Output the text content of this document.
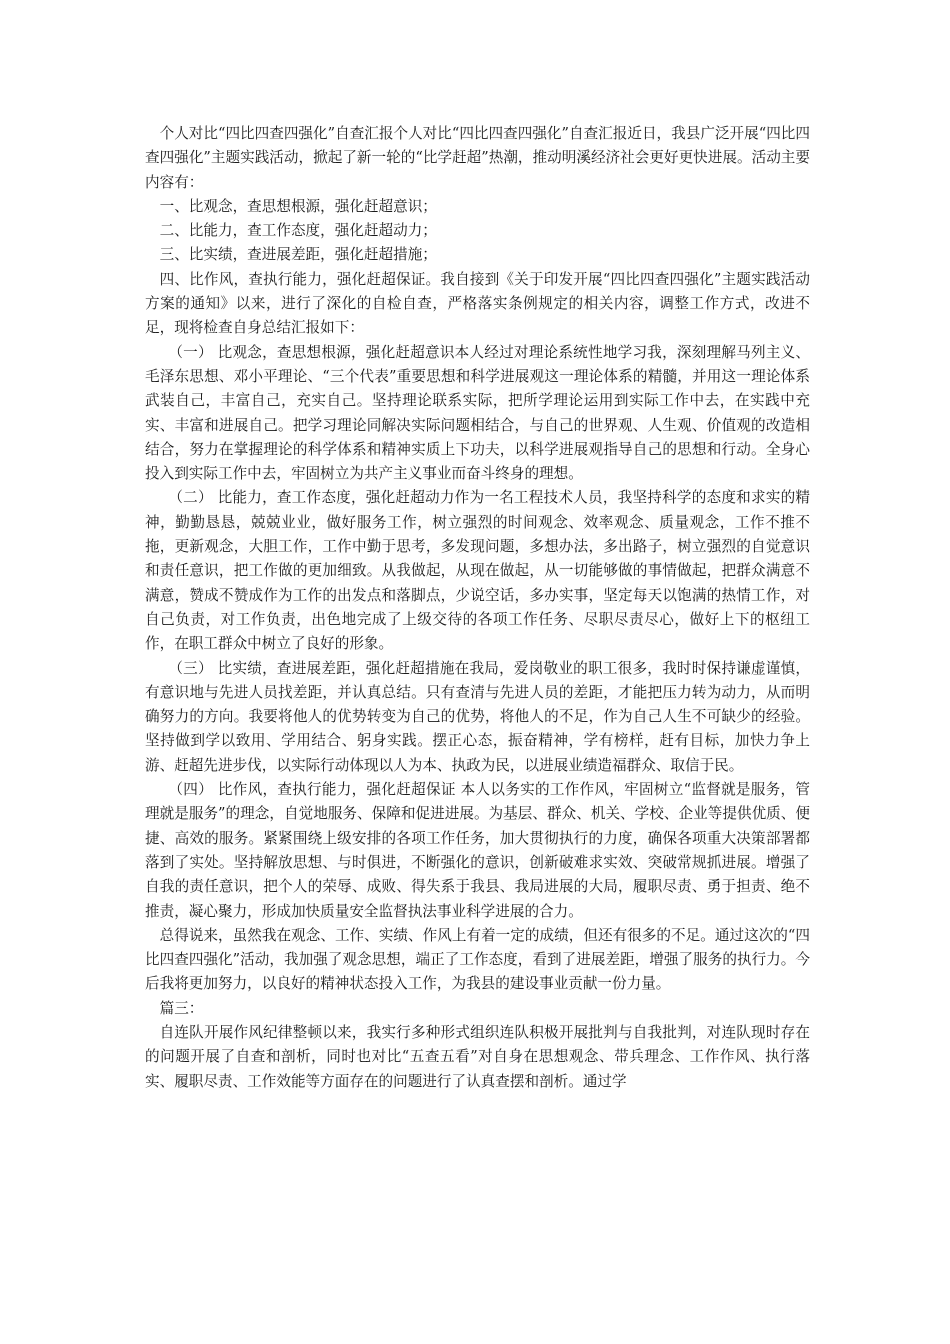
个人对比“四比四查四强化”自查汇报个人对比“四比四查四强化”自查汇报近日，我县广泛开展“四比四查四强化”主题实践活动，掀起了新一轮的“比学赶超”热潮，推动明溪经济社会更好更快进展。活动主要内容有：

一、比观念，查思想根源，强化赶超意识；

二、比能力，查工作态度，强化赶超动力；

三、比实绩，查进展差距，强化赶超措施；

四、比作风，查执行能力，强化赶超保证。我自接到《关于印发开展“四比四查四强化”主题实践活动方案的通知》以来，进行了深化的自检自查，严格落实条例规定的相关内容，调整工作方式，改进不足，现将检查自身总结汇报如下：

（一） 比观念，查思想根源，强化赶超意识本人经过对理论系统性地学习我，深刻理解马列主义、毛泽东思想、邓小平理论、“三个代表”重要思想和科学进展观这一理论体系的精髓，并用这一理论体系武装自己，丰富自己，充实自己。坚持理论联系实际，把所学理论运用到实际工作中去，在实践中充实、丰富和进展自己。把学习理论同解决实际问题相结合，与自己的世界观、人生观、价值观的改造相结合，努力在掌握理论的科学体系和精神实质上下功夫，以科学进展观指导自己的思想和行动。全身心投入到实际工作中去，牢固树立为共产主义事业而奋斗终身的理想。

（二） 比能力，查工作态度，强化赶超动力作为一名工程技术人员，我坚持科学的态度和求实的精神，勤勤恳恳，兢兢业业，做好服务工作，树立强烈的时间观念、效率观念、质量观念，工作不推不拖，更新观念，大胆工作，工作中勤于思考，多发现问题，多想办法，多出路子，树立强烈的自觉意识和责任意识，把工作做的更加细致。从我做起，从现在做起，从一切能够做的事情做起，把群众满意不满意，赞成不赞成作为工作的出发点和落脚点，少说空话，多办实事，坚定每天以饱满的热情工作，对自己负责，对工作负责，出色地完成了上级交待的各项工作任务、尽职尽责尽心，做好上下的枢纽工作，在职工群众中树立了良好的形象。

（三） 比实绩，查进展差距，强化赶超措施在我局，爱岗敬业的职工很多，我时时保持谦虚谨慎，有意识地与先进人员找差距，并认真总结。只有查清与先进人员的差距，才能把压力转为动力，从而明确努力的方向。我要将他人的优势转变为自己的优势，将他人的不足，作为自己人生不可缺少的经验。坚持做到学以致用、学用结合、躬身实践。摆正心态，振奋精神，学有榜样，赶有目标，加快力争上游、赶超先进步伐，以实际行动体现以人为本、执政为民，以进展业绩造福群众、取信于民。

（四） 比作风，查执行能力，强化赶超保证 本人以务实的工作作风，牢固树立“监督就是服务，管理就是服务”的理念，自觉地服务、保障和促进进展。为基层、群众、机关、学校、企业等提供优质、便捷、高效的服务。紧紧围绕上级安排的各项工作任务，加大贯彻执行的力度，确保各项重大决策部署都落到了实处。坚持解放思想、与时俱进，不断强化的意识，创新破难求实效、突破常规抓进展。增强了自我的责任意识，把个人的荣辱、成败、得失系于我县、我局进展的大局，履职尽责、勇于担责、绝不推责，凝心聚力，形成加快质量安全监督执法事业科学进展的合力。

总得说来，虽然我在观念、工作、实绩、作风上有着一定的成绩，但还有很多的不足。通过这次的“四比四查四强化”活动，我加强了观念思想，端正了工作态度，看到了进展差距，增强了服务的执行力。今后我将更加努力，以良好的精神状态投入工作，为我县的建设事业贡献一份力量。

篇三：

自连队开展作风纪律整顿以来，我实行多种形式组织连队积极开展批判与自我批判，对连队现时存在的问题开展了自查和剖析，同时也对比“五查五看”对自身在思想观念、带兵理念、工作作风、执行落实、履职尽责、工作效能等方面存在的问题进行了认真查摆和剖析。通过学
